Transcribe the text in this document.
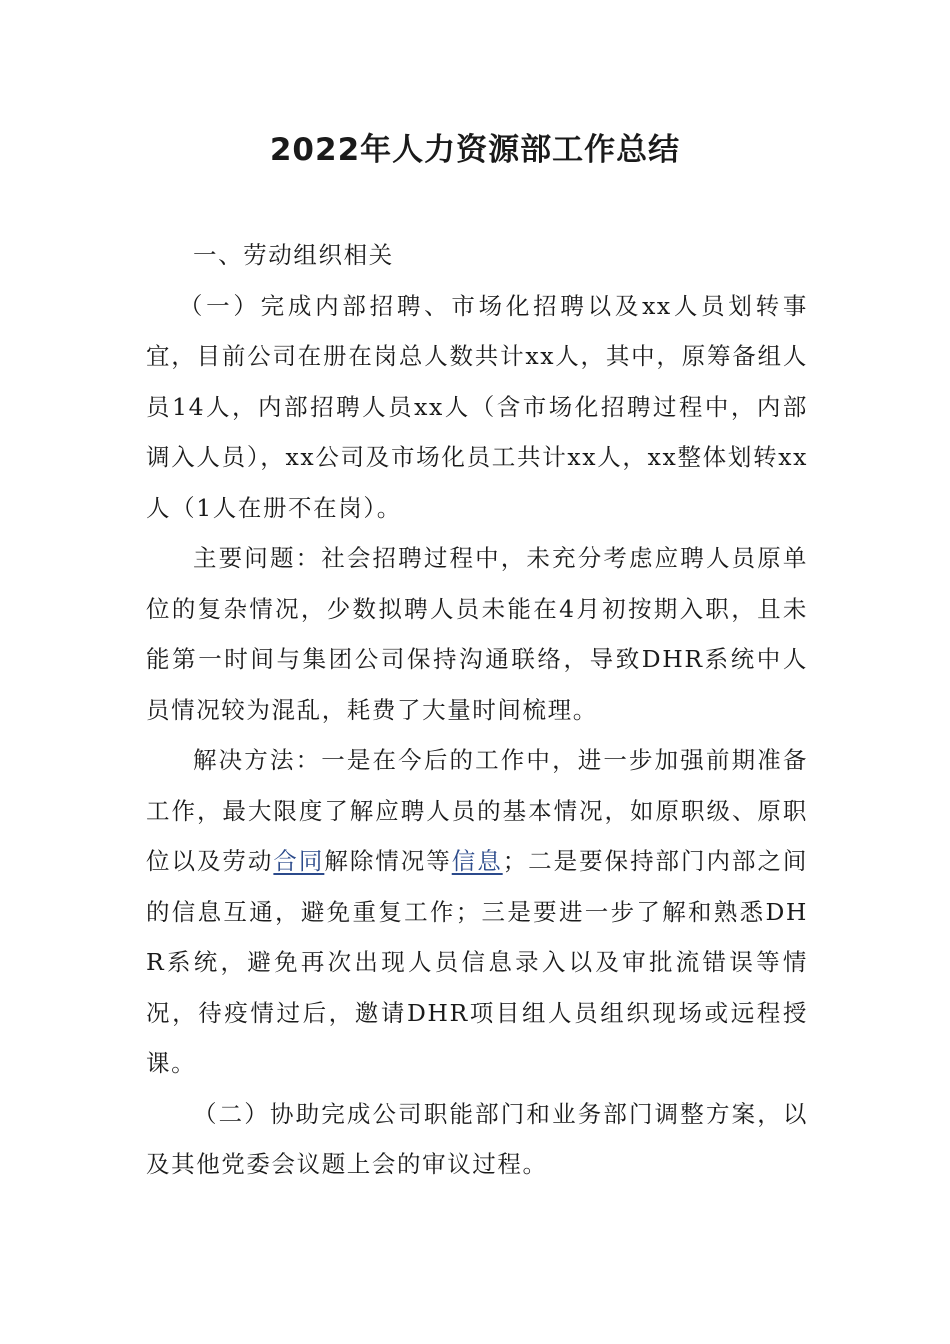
2022年人力资源部工作总结

一、劳动组织相关

（一）完成内部招聘、市场化招聘以及xx人员划转事宜，目前公司在册在岗总人数共计xx人，其中，原筹备组人员14人，内部招聘人员xx人（含市场化招聘过程中，内部调入人员），xx公司及市场化员工共计xx人，xx整体划转xx人（1人在册不在岗）。

主要问题：社会招聘过程中，未充分考虑应聘人员原单位的复杂情况，少数拟聘人员未能在4月初按期入职，且未能第一时间与集团公司保持沟通联络，导致DHR系统中人员情况较为混乱，耗费了大量时间梳理。

解决方法：一是在今后的工作中，进一步加强前期准备工作，最大限度了解应聘人员的基本情况，如原职级、原职位以及劳动合同解除情况等信息；二是要保持部门内部之间的信息互通，避免重复工作；三是要进一步了解和熟悉DHR系统，避免再次出现人员信息录入以及审批流错误等情况，待疫情过后，邀请DHR项目组人员组织现场或远程授课。

（二）协助完成公司职能部门和业务部门调整方案，以及其他党委会议题上会的审议过程。
